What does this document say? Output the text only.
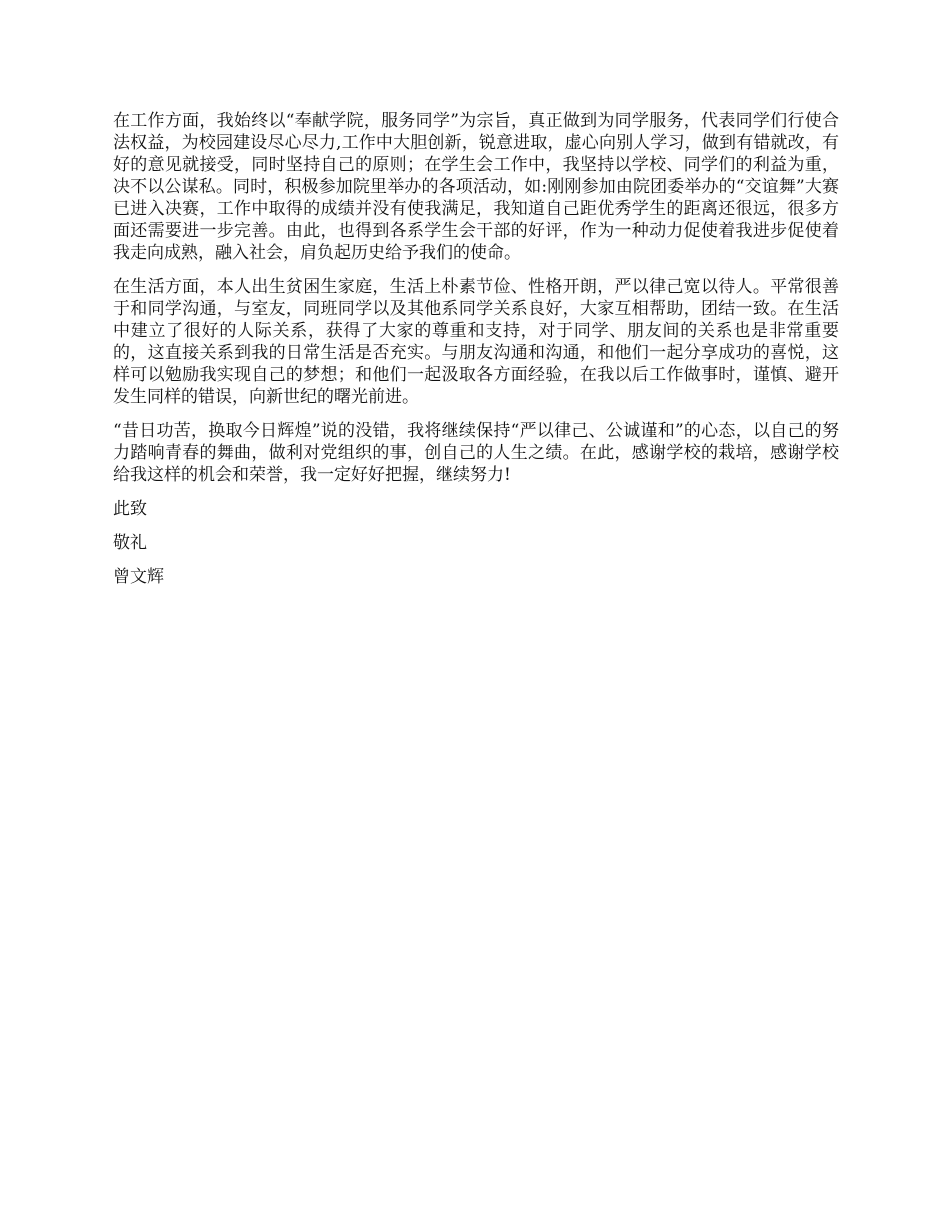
在工作方面，我始终以“奉献学院，服务同学”为宗旨，真正做到为同学服务，代表同学们行使合法权益，为校园建设尽心尽力,工作中大胆创新，锐意进取，虚心向别人学习，做到有错就改，有好的意见就接受，同时坚持自己的原则；在学生会工作中，我坚持以学校、同学们的利益为重，决不以公谋私。同时，积极参加院里举办的各项活动，如:刚刚参加由院团委举办的“交谊舞”大赛已进入决赛，工作中取得的成绩并没有使我满足，我知道自己距优秀学生的距离还很远，很多方面还需要进一步完善。由此，也得到各系学生会干部的好评，作为一种动力促使着我进步促使着我走向成熟，融入社会，肩负起历史给予我们的使命。

在生活方面，本人出生贫困生家庭，生活上朴素节俭、性格开朗，严以律己宽以待人。平常很善于和同学沟通，与室友，同班同学以及其他系同学关系良好，大家互相帮助，团结一致。在生活中建立了很好的人际关系，获得了大家的尊重和支持，对于同学、朋友间的关系也是非常重要的，这直接关系到我的日常生活是否充实。与朋友沟通和沟通，和他们一起分享成功的喜悦，这样可以勉励我实现自己的梦想；和他们一起汲取各方面经验，在我以后工作做事时，谨慎、避开发生同样的错误，向新世纪的曙光前进。

“昔日功苦，换取今日辉煌”说的没错，我将继续保持“严以律己、公诚谨和”的心态，以自己的努力踏响青春的舞曲，做利对党组织的事，创自己的人生之绩。在此，感谢学校的栽培，感谢学校给我这样的机会和荣誉，我一定好好把握，继续努力!

此致

敬礼

曾文辉
